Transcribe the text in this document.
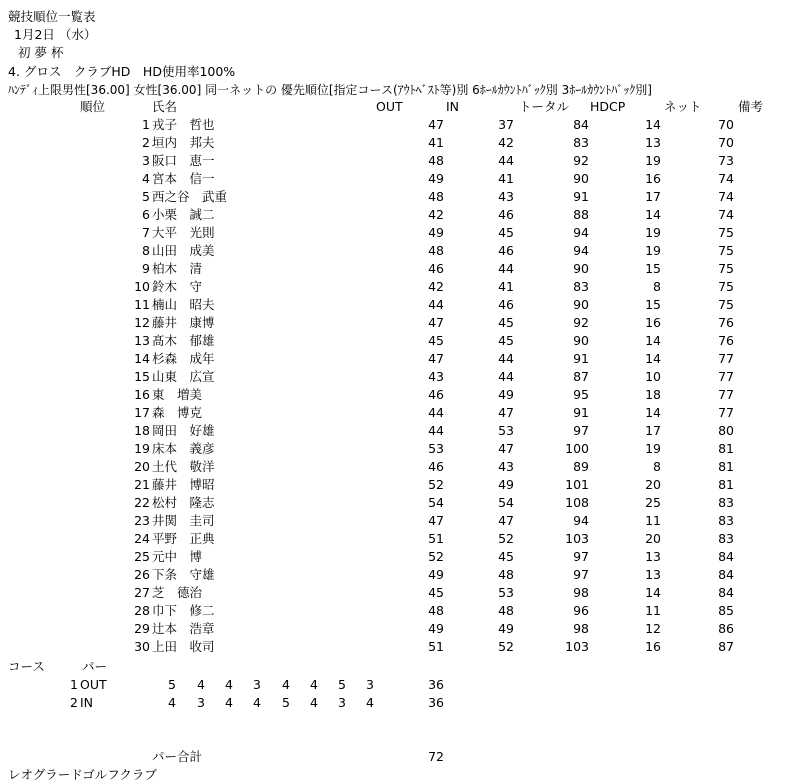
競技順位一覧表
1月2日 （水）
初 夢 杯
4. グロス　クラブHD　HD使用率100%
ﾊﾝﾃﾞｨ上限男性[36.00] 女性[36.00] 同一ネットの 優先順位[指定コース(ｱｳﾄﾍﾞｽﾄ等)別 6ﾎｰﾙｶｳﾝﾄﾊﾞｯｸ別 3ﾎｰﾙｶｳﾝﾄﾊﾞｯｸ別]
順位	氏名	OUT	IN	トータル HDCP	ネット	備考
1 戎子　哲也	47	37	84	14	70
2 垣内　邦夫	41	42	83	13	70
3 阪口　恵一	48	44	92	19	73
4 宮本　信一	49	41	90	16	74
5 西之谷　武重	48	43	91	17	74
6 小栗　誠二	42	46	88	14	74
7 大平　光則	49	45	94	19	75
8 山田　成美	48	46	94	19	75
9 柏木　清	46	44	90	15	75
10 鈴木　守	42	41	83	8	75
11 楠山　昭夫	44	46	90	15	75
12 藤井　康博	47	45	92	16	76
13 髙木　郁雄	45	45	90	14	76
14 杉森　成年	47	44	91	14	77
15 山東　広宣	43	44	87	10	77
16 東　増美	46	49	95	18	77
17 森　博克	44	47	91	14	77
18 岡田　好雄	44	53	97	17	80
19 床本　義彦	53	47	100	19	81
20 土代　敬洋	46	43	89	8	81
21 藤井　博昭	52	49	101	20	81
22 松村　隆志	54	54	108	25	83
23 井関　圭司	47	47	94	11	83
24 平野　正典	51	52	103	20	83
25 元中　博	52	45	97	13	84
26 下条　守雄	49	48	97	13	84
27 芝　德治	45	53	98	14	84
28 巾下　修二	48	48	96	11	85
29 辻本　浩章	49	49	98	12	86
30 上田　收司	51	52	103	16	87
コース	パー
1 OUT	5 4 4 3 4 4 5 3	36
2 IN	4 3 4 4 5 4 3 4	36
パー合計	72
レオグラードゴルフクラブ
